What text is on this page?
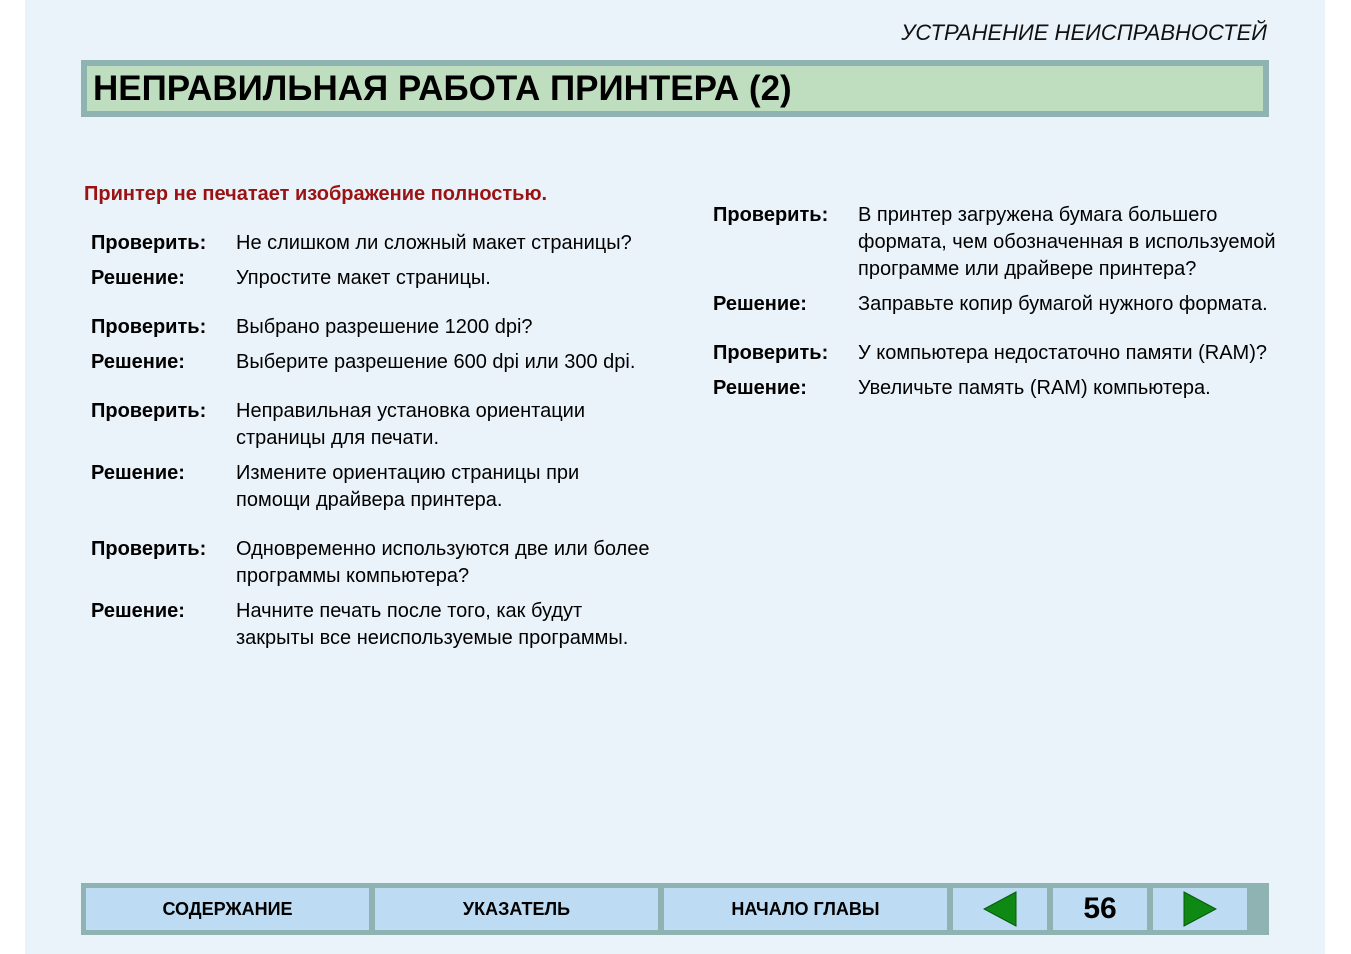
УСТРАНЕНИЕ НЕИСПРАВНОСТЕЙ
НЕПРАВИЛЬНАЯ РАБОТА ПРИНТЕРА (2)
Принтер не печатает изображение полностью.
Проверить:	Не слишком ли сложный макет страницы?
Решение:	Упростите макет страницы.
Проверить:	Выбрано разрешение 1200 dpi?
Решение:	Выберите разрешение 600 dpi или 300 dpi.
Проверить:	Неправильная установка ориентации страницы для печати.
Решение:	Измените ориентацию страницы при помощи драйвера принтера.
Проверить:	Одновременно используются две или более программы компьютера?
Решение:	Начните печать после того, как будут закрыты все неиспользуемые программы.
Проверить:	В принтер загружена бумага большего формата, чем обозначенная в используемой программе или драйвере принтера?
Решение:	Заправьте копир бумагой нужного формата.
Проверить:	У компьютера недостаточно памяти (RAM)?
Решение:	Увеличьте память (RAM) компьютера.
СОДЕРЖАНИЕ	УКАЗАТЕЛЬ	НАЧАЛО ГЛАВЫ	56
